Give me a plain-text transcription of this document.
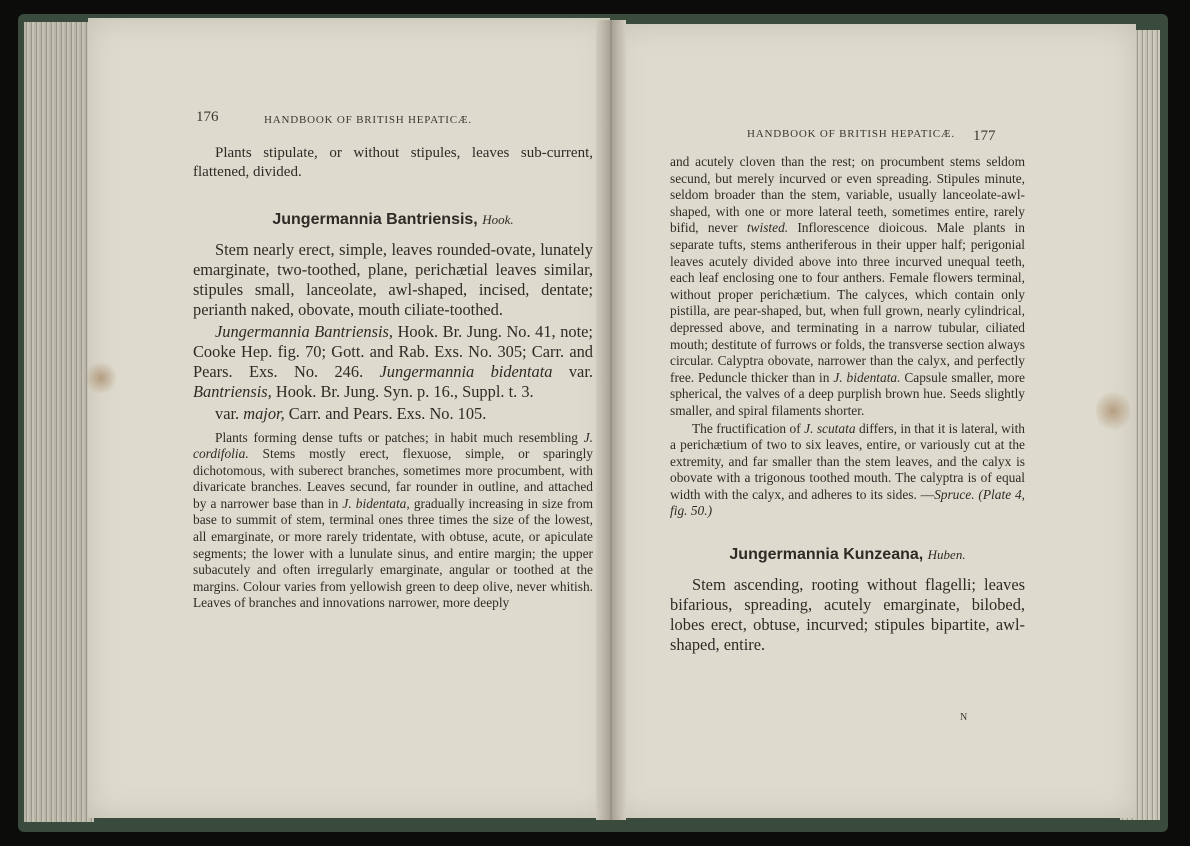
176	HANDBOOK OF BRITISH HEPATICÆ.

Plants stipulate, or without stipules, leaves sub-current, flattened, divided.

Jungermannia Bantriensis, Hook.

Stem nearly erect, simple, leaves rounded-ovate, lunately emarginate, two-toothed, plane, perichætial leaves similar, stipules small, lanceolate, awl-shaped, incised, dentate; perianth naked, obovate, mouth ciliate-toothed.

Jungermannia Bantriensis, Hook. Br. Jung. No. 41, note; Cooke Hep. fig. 70; Gott. and Rab. Exs. No. 305; Carr. and Pears. Exs. No. 246. Jungermannia bidentata var. Bantriensis, Hook. Br. Jung. Syn. p. 16., Suppl. t. 3.

var. major, Carr. and Pears. Exs. No. 105.

Plants forming dense tufts or patches; in habit much resembling J. cordifolia. Stems mostly erect, flexuose, simple, or sparingly dichotomous, with suberect branches, sometimes more procumbent, with divaricate branches. Leaves secund, far rounder in outline, and attached by a narrower base than in J. bidentata, gradually increasing in size from base to summit of stem, terminal ones three times the size of the lowest, all emarginate, or more rarely tridentate, with obtuse, acute, or apiculate segments; the lower with a lunulate sinus, and entire margin; the upper subacutely and often irregularly emarginate, angular or toothed at the margins. Colour varies from yellowish green to deep olive, never whitish. Leaves of branches and innovations narrower, more deeply

HANDBOOK OF BRITISH HEPATICÆ. 177

and acutely cloven than the rest; on procumbent stems seldom secund, but merely incurved or even spreading. Stipules minute, seldom broader than the stem, variable, usually lanceolate-awl-shaped, with one or more lateral teeth, sometimes entire, rarely bifid, never twisted. Inflorescence dioicous. Male plants in separate tufts, stems antheriferous in their upper half; perigonial leaves acutely divided above into three incurved unequal teeth, each leaf enclosing one to four anthers. Female flowers terminal, without proper perichætium. The calyces, which contain only pistilla, are pear-shaped, but, when full grown, nearly cylindrical, depressed above, and terminating in a narrow tubular, ciliated mouth; destitute of furrows or folds, the transverse section always circular. Calyptra obovate, narrower than the calyx, and perfectly free. Peduncle thicker than in J. bidentata. Capsule smaller, more spherical, the valves of a deep purplish brown hue. Seeds slightly smaller, and spiral filaments shorter.

The fructification of J. scutata differs, in that it is lateral, with a perichætium of two to six leaves, entire, or variously cut at the extremity, and far smaller than the stem leaves, and the calyx is obovate with a trigonous toothed mouth. The calyptra is of equal width with the calyx, and adheres to its sides. —Spruce. (Plate 4, fig. 50.)

Jungermannia Kunzeana, Huben.

Stem ascending, rooting without flagelli; leaves bifarious, spreading, acutely emarginate, bilobed, lobes erect, obtuse, incurved; stipules bipartite, awl-shaped, entire.

N
